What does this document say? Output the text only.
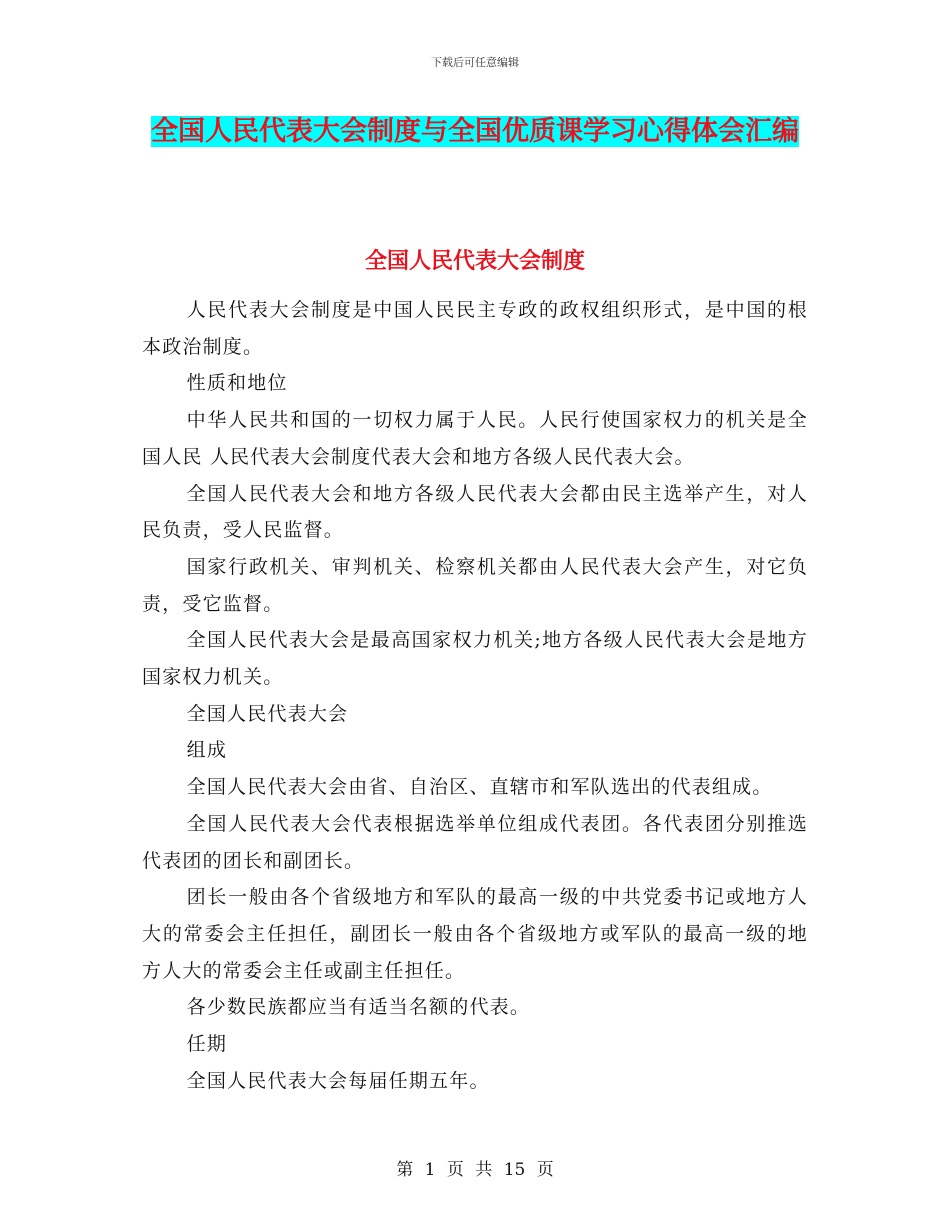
下载后可任意编辑
全国人民代表大会制度与全国优质课学习心得体会汇编
全国人民代表大会制度

人民代表大会制度是中国人民民主专政的政权组织形式，是中国的根本政治制度。

性质和地位

中华人民共和国的一切权力属于人民。人民行使国家权力的机关是全国人民 人民代表大会制度代表大会和地方各级人民代表大会。

全国人民代表大会和地方各级人民代表大会都由民主选举产生，对人民负责，受人民监督。

国家行政机关、审判机关、检察机关都由人民代表大会产生，对它负责，受它监督。

全国人民代表大会是最高国家权力机关;地方各级人民代表大会是地方国家权力机关。

全国人民代表大会

组成

全国人民代表大会由省、自治区、直辖市和军队选出的代表组成。

全国人民代表大会代表根据选举单位组成代表团。各代表团分别推选代表团的团长和副团长。

团长一般由各个省级地方和军队的最高一级的中共党委书记或地方人大的常委会主任担任，副团长一般由各个省级地方或军队的最高一级的地方人大的常委会主任或副主任担任。

各少数民族都应当有适当名额的代表。

任期

全国人民代表大会每届任期五年。

第 1 页 共 15 页
